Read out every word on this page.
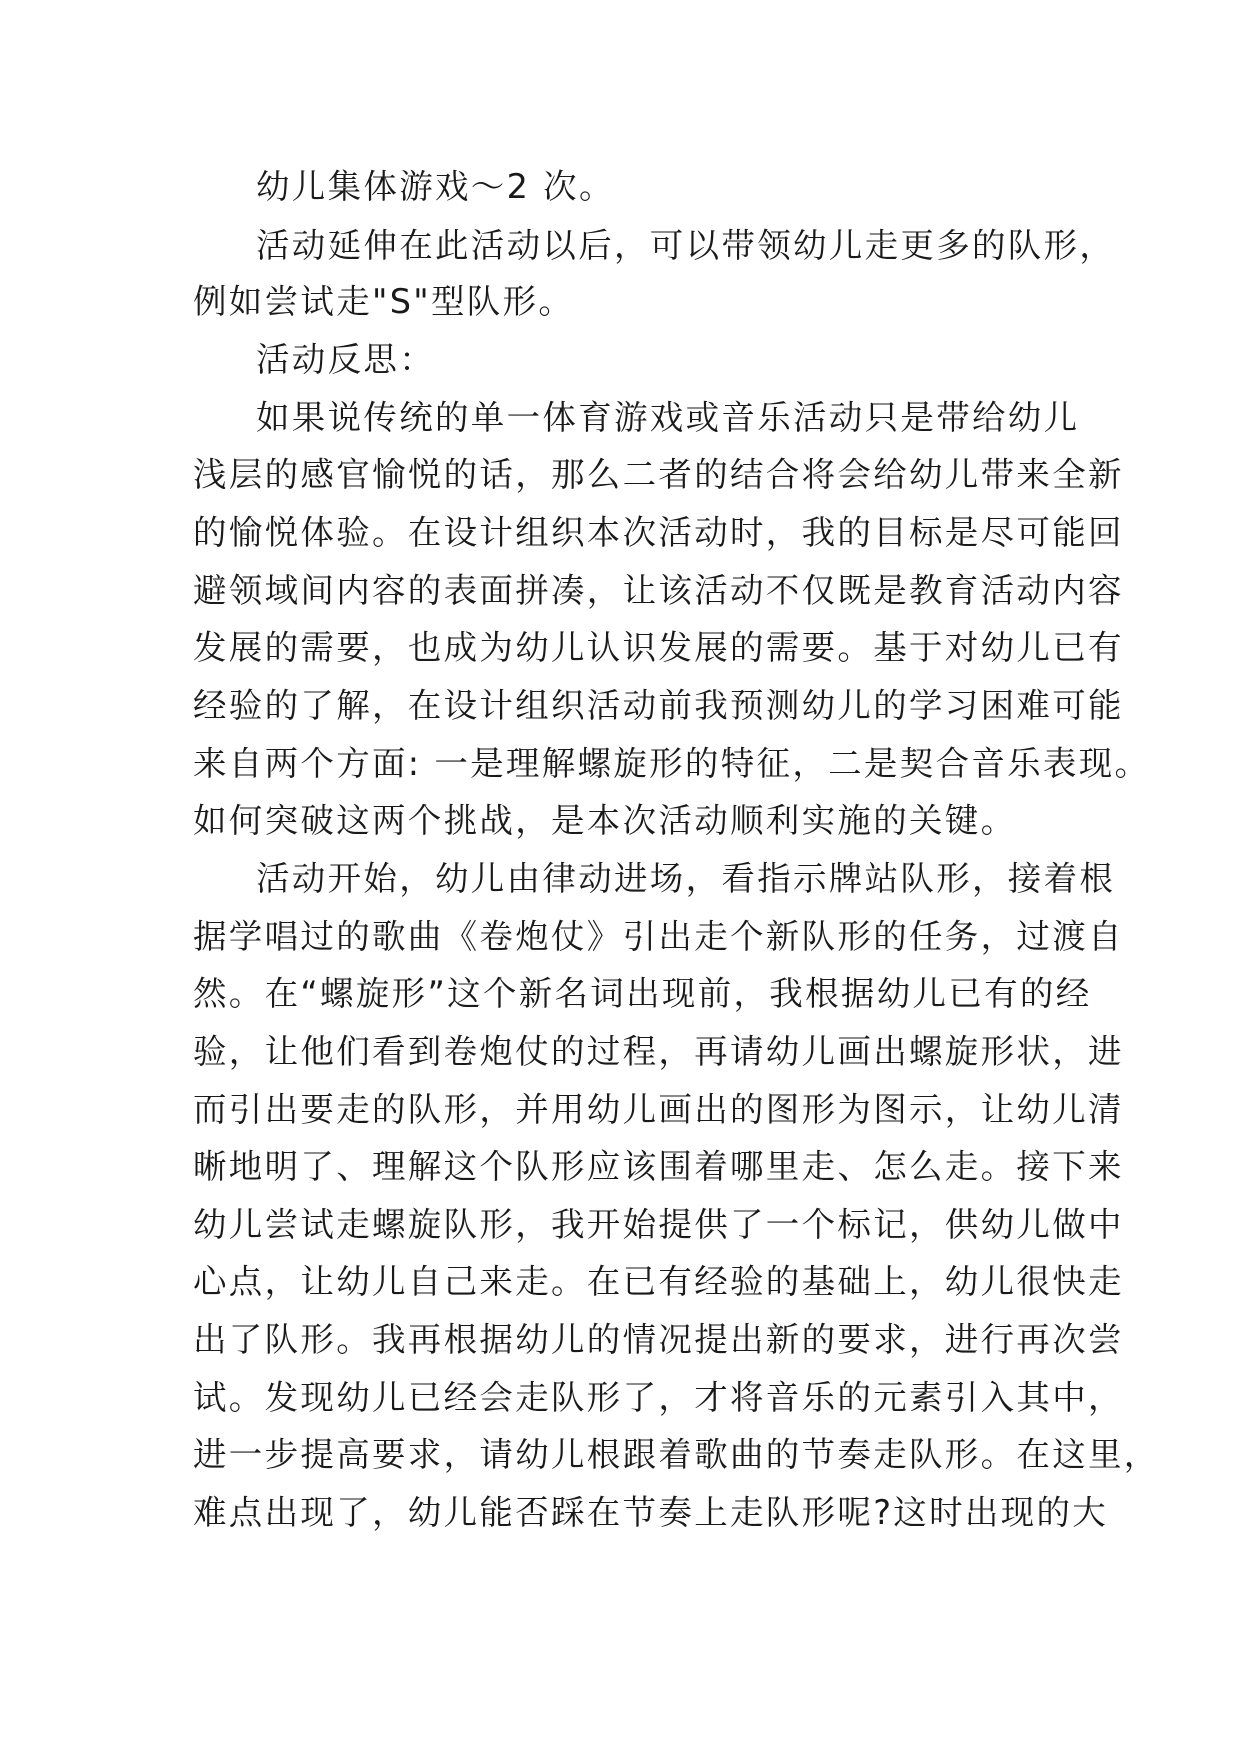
幼儿集体游戏～2 次。
活动延伸在此活动以后，可以带领幼儿走更多的队形，
例如尝试走"S"型队形。
活动反思：
如果说传统的单一体育游戏或音乐活动只是带给幼儿
浅层的感官愉悦的话，那么二者的结合将会给幼儿带来全新
的愉悦体验。在设计组织本次活动时，我的目标是尽可能回
避领域间内容的表面拼凑，让该活动不仅既是教育活动内容
发展的需要，也成为幼儿认识发展的需要。基于对幼儿已有
经验的了解，在设计组织活动前我预测幼儿的学习困难可能
来自两个方面: 一是理解螺旋形的特征，二是契合音乐表现。
如何突破这两个挑战，是本次活动顺利实施的关键。
活动开始，幼儿由律动进场，看指示牌站队形，接着根
据学唱过的歌曲《卷炮仗》引出走个新队形的任务，过渡自
然。在“螺旋形”这个新名词出现前，我根据幼儿已有的经
验，让他们看到卷炮仗的过程，再请幼儿画出螺旋形状，进
而引出要走的队形，并用幼儿画出的图形为图示，让幼儿清
晰地明了、理解这个队形应该围着哪里走、怎么走。接下来
幼儿尝试走螺旋队形，我开始提供了一个标记，供幼儿做中
心点，让幼儿自己来走。在已有经验的基础上，幼儿很快走
出了队形。我再根据幼儿的情况提出新的要求，进行再次尝
试。发现幼儿已经会走队形了，才将音乐的元素引入其中，
进一步提高要求，请幼儿根跟着歌曲的节奏走队形。在这里，
难点出现了，幼儿能否踩在节奏上走队形呢?这时出现的大
